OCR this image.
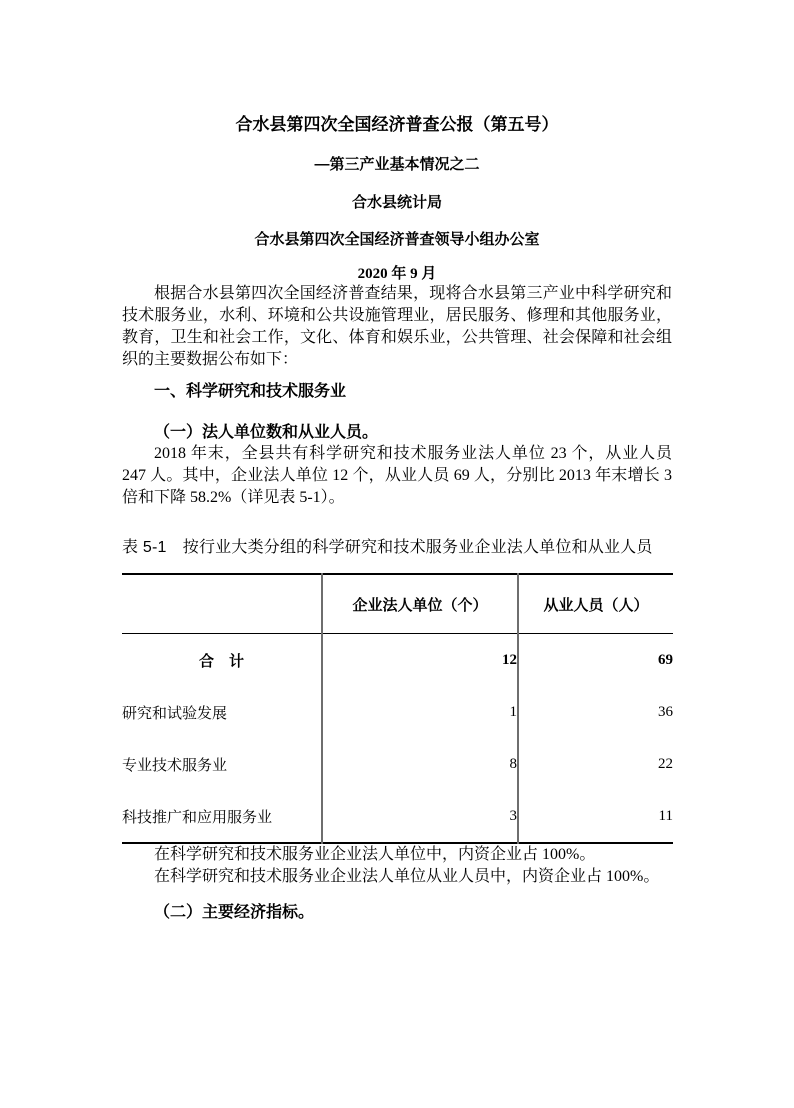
合水县第四次全国经济普查公报（第五号）
—第三产业基本情况之二
合水县统计局
合水县第四次全国经济普查领导小组办公室
2020 年 9 月

根据合水县第四次全国经济普查结果，现将合水县第三产业中科学研究和技术服务业，水利、环境和公共设施管理业，居民服务、修理和其他服务业，教育，卫生和社会工作，文化、体育和娱乐业，公共管理、社会保障和社会组织的主要数据公布如下：

一、科学研究和技术服务业
（一）法人单位数和从业人员。

2018 年末，全县共有科学研究和技术服务业法人单位 23 个，从业人员 247 人。其中，企业法人单位 12 个，从业人员 69 人，分别比 2013 年末增长 3 倍和下降 58.2%（详见表 5-1）。

表 5-1　按行业大类分组的科学研究和技术服务业企业法人单位和从业人员
	企业法人单位（个）	从业人员（人）
合　计	12	69
研究和试验发展	1	36
专业技术服务业	8	22
科技推广和应用服务业	3	11

在科学研究和技术服务业企业法人单位中，内资企业占 100%。

在科学研究和技术服务业企业法人单位从业人员中，内资企业占 100%。

（二）主要经济指标。
